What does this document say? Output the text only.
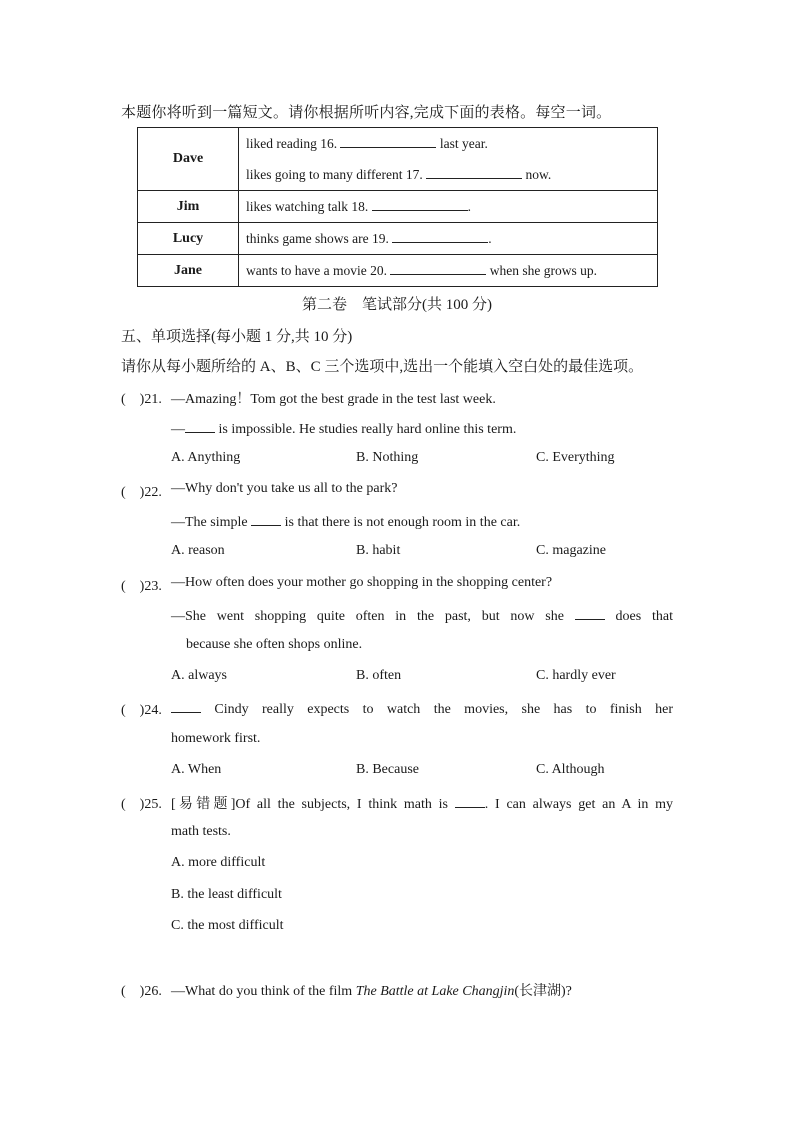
本题你将听到一篇短文。请你根据所听内容,完成下面的表格。每空一词。
Dave	liked reading 16. last year.
likes going to many different 17. now.

Jim	likes watching talk 18. .
Lucy	thinks game shows are 19. .
Jane	wants to have a movie 20. when she grows up.
第二卷　笔试部分(共 100 分)
五、单项选择(每小题 1 分,共 10 分)
请你从每小题所给的 A、B、C 三个选项中,选出一个能填入空白处的最佳选项。
(　)21. —Amazing！Tom got the best grade in the test last week.
— is impossible. He studies really hard online this term.
A. Anything	B. Nothing	C. Everything
(　)22. —Why don't you take us all to the park?
—The simple	is that there is not enough room in the car.
A. reason	B. habit	C. magazine
(　)23. —How often does your mother go shopping in the shopping center?
—She went shopping quite often in the past, but now she	does that
because she often shops online.
A. always	B. often	C. hardly ever
(　)24.	Cindy really expects to watch the movies, she has to finish her
homework first.
A. When	B. Because	C. Although
(　)25. [易错题]Of all the subjects, I think math is	. I can always get an A in my
math tests.
A. more difficult
B. the least difficult
C. the most difficult
(　)26. —What do you think of the film The Battle at Lake Changjin(长津湖)?
